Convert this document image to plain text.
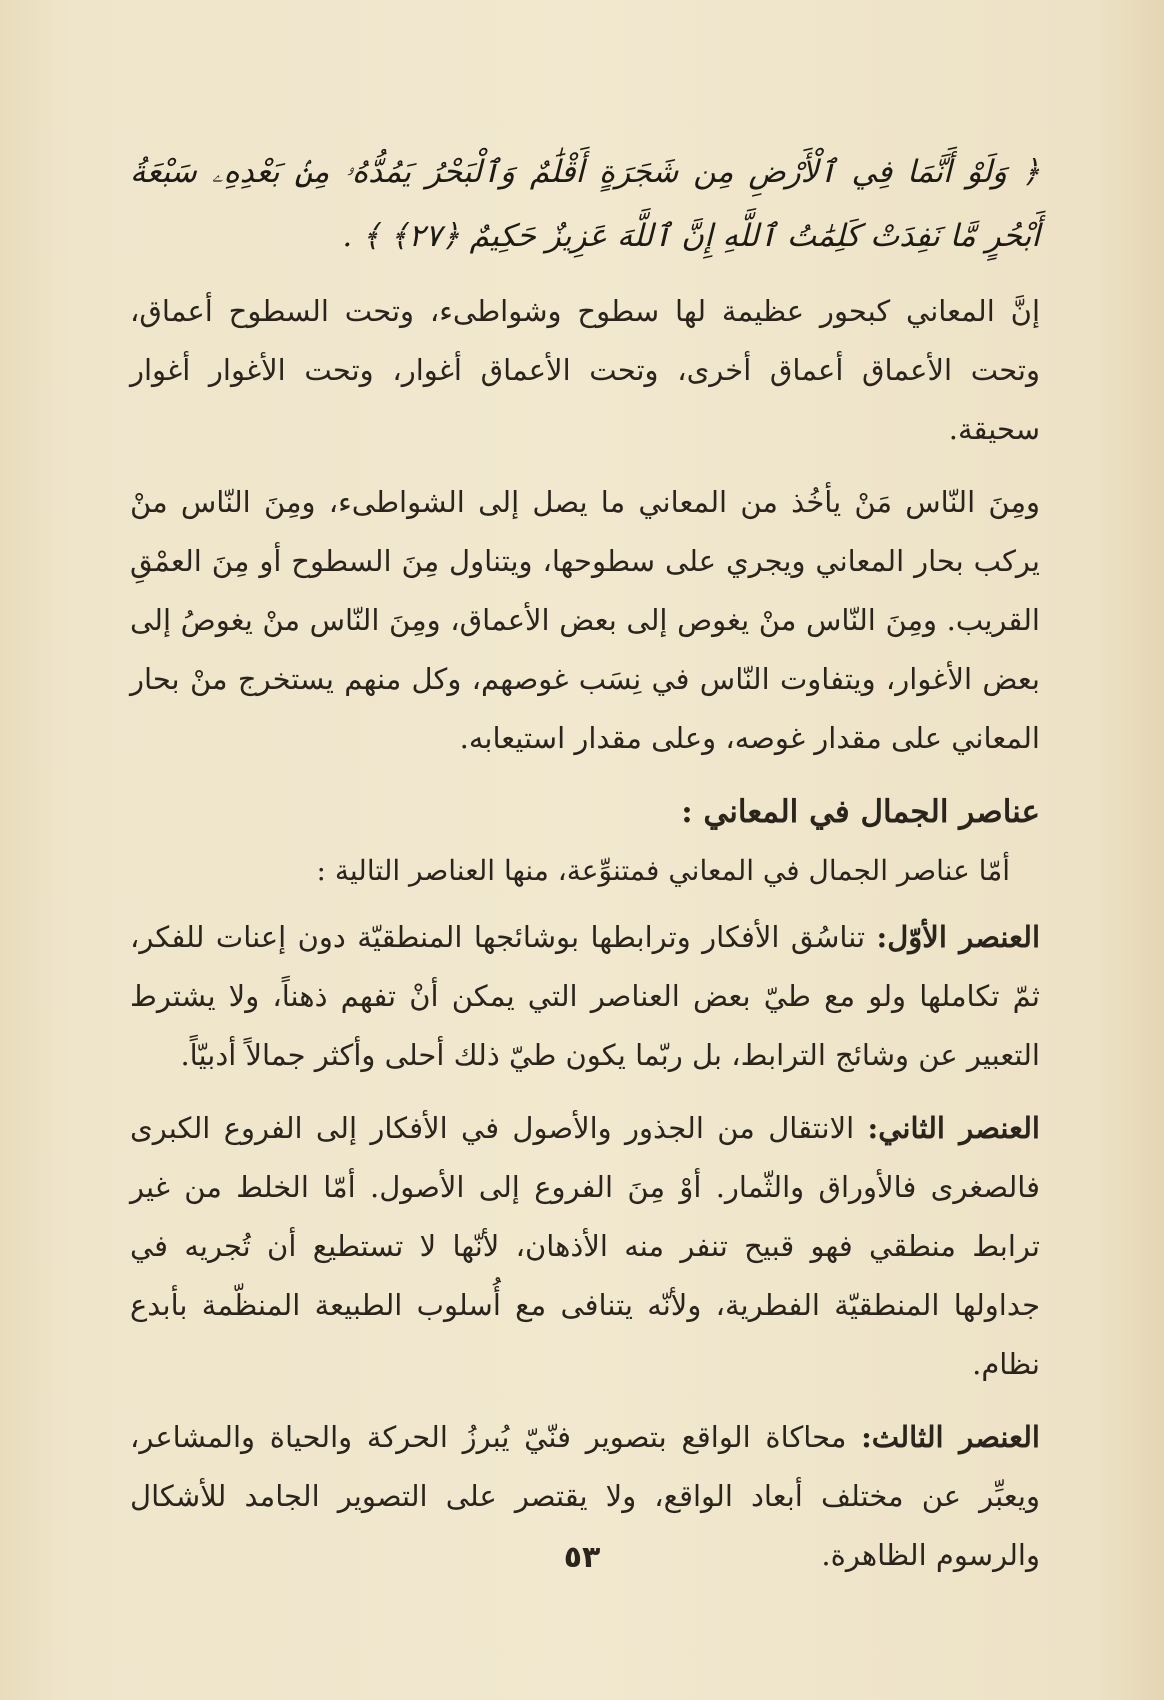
﴿ وَلَوْ أَنَّمَا فِي ٱلْأَرْضِ مِن شَجَرَةٍ أَقْلَٰمٌ وَٱلْبَحْرُ يَمُدُّهُۥ مِنۢ بَعْدِهِۦ سَبْعَةُ أَبْحُرٍ مَّا نَفِدَتْ كَلِمَٰتُ ٱللَّهِ إِنَّ ٱللَّهَ عَزِيزٌ حَكِيمٌ ﴿٢٧﴾ ﴾ .

إنَّ المعاني كبحور عظيمة لها سطوح وشواطىء، وتحت السطوح أعماق، وتحت الأعماق أعماق أخرى، وتحت الأعماق أغوار، وتحت الأغوار أغوار سحيقة.

ومِنَ النّاس مَنْ يأخُذ من المعاني ما يصل إلى الشواطىء، ومِنَ النّاس منْ يركب بحار المعاني ويجري على سطوحها، ويتناول مِنَ السطوح أو مِنَ العمْقِ القريب. ومِنَ النّاس منْ يغوص إلى بعض الأعماق، ومِنَ النّاس منْ يغوصُ إلى بعض الأغوار، ويتفاوت النّاس في نِسَب غوصهم، وكل منهم يستخرج منْ بحار المعاني على مقدار غوصه، وعلى مقدار استيعابه.

عناصر الجمال في المعاني :
أمّا عناصر الجمال في المعاني فمتنوِّعة، منها العناصر التالية :

العنصر الأوّل: تناسُق الأفكار وترابطها بوشائجها المنطقيّة دون إعنات للفكر، ثمّ تكاملها ولو مع طيّ بعض العناصر التي يمكن أنْ تفهم ذهناً، ولا يشترط التعبير عن وشائج الترابط، بل ربّما يكون طيّ ذلك أحلى وأكثر جمالاً أدبيّاً.

العنصر الثاني: الانتقال من الجذور والأصول في الأفكار إلى الفروع الكبرى فالصغرى فالأوراق والثّمار. أوْ مِنَ الفروع إلى الأصول. أمّا الخلط من غير ترابط منطقي فهو قبيح تنفر منه الأذهان، لأنّها لا تستطيع أن تُجريه في جداولها المنطقيّة الفطرية، ولأنّه يتنافى مع أُسلوب الطبيعة المنظّمة بأبدع نظام.

العنصر الثالث: محاكاة الواقع بتصوير فنّيّ يُبرزُ الحركة والحياة والمشاعر، ويعبِّر عن مختلف أبعاد الواقع، ولا يقتصر على التصوير الجامد للأشكال والرسوم الظاهرة.

٥٣
